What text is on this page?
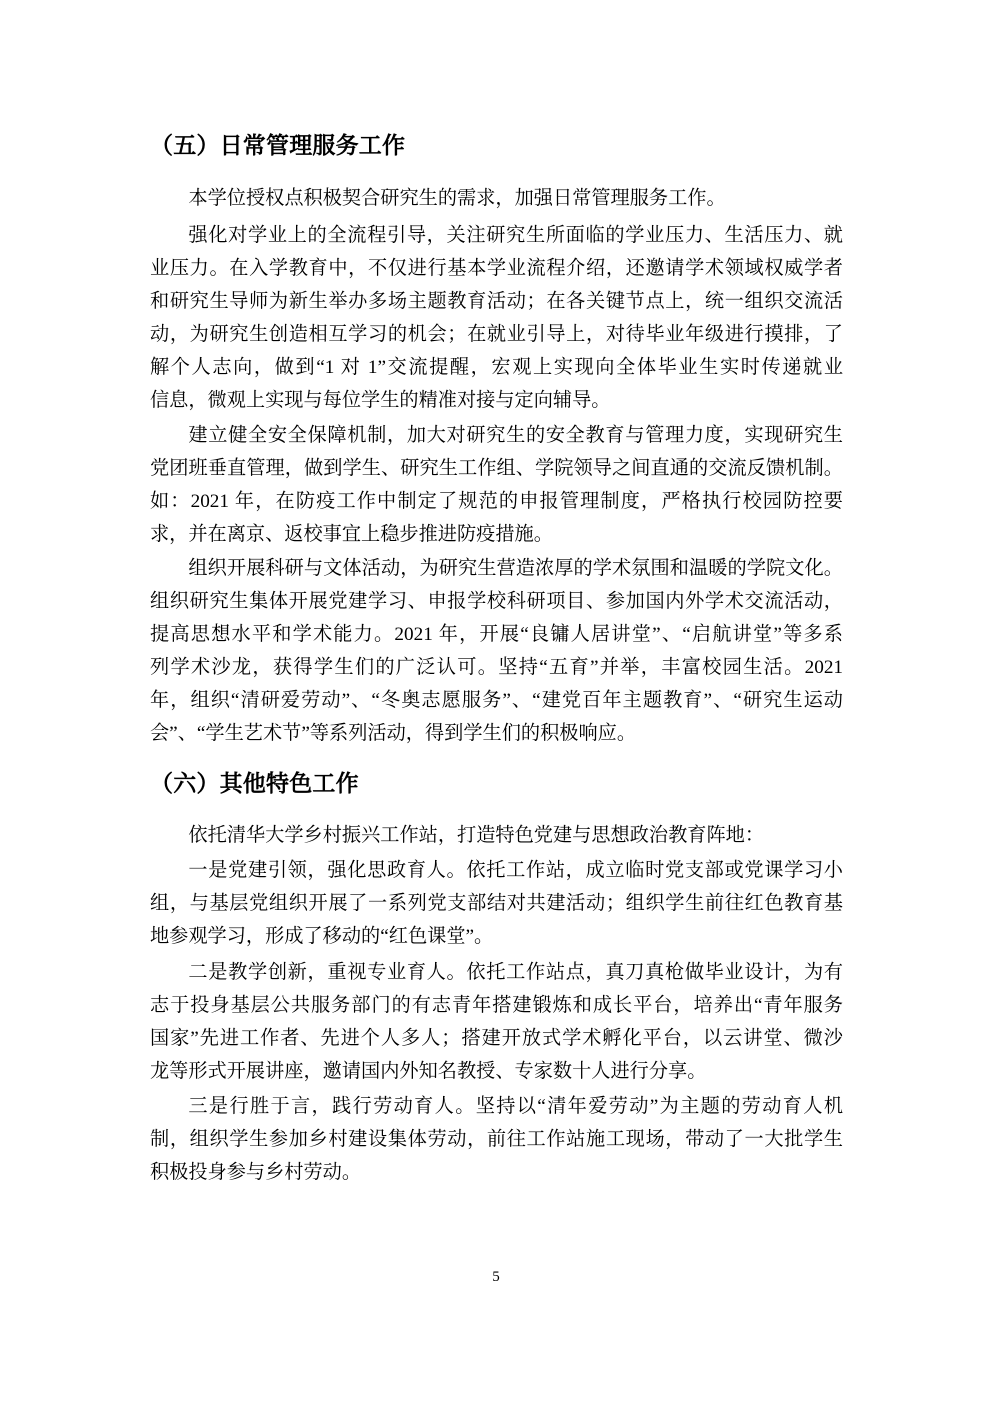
（五）日常管理服务工作
本学位授权点积极契合研究生的需求，加强日常管理服务工作。
强化对学业上的全流程引导，关注研究生所面临的学业压力、生活压力、就
业压力。在入学教育中，不仅进行基本学业流程介绍，还邀请学术领域权威学者
和研究生导师为新生举办多场主题教育活动；在各关键节点上，统一组织交流活
动，为研究生创造相互学习的机会；在就业引导上，对待毕业年级进行摸排，了
解个人志向，做到“1 对 1”交流提醒，宏观上实现向全体毕业生实时传递就业
信息，微观上实现与每位学生的精准对接与定向辅导。
建立健全安全保障机制，加大对研究生的安全教育与管理力度，实现研究生
党团班垂直管理，做到学生、研究生工作组、学院领导之间直通的交流反馈机制。
如：2021 年，在防疫工作中制定了规范的申报管理制度，严格执行校园防控要
求，并在离京、返校事宜上稳步推进防疫措施。
组织开展科研与文体活动，为研究生营造浓厚的学术氛围和温暖的学院文化。
组织研究生集体开展党建学习、申报学校科研项目、参加国内外学术交流活动，
提高思想水平和学术能力。2021 年，开展“良镛人居讲堂”、“启航讲堂”等多系
列学术沙龙，获得学生们的广泛认可。坚持“五育”并举，丰富校园生活。2021
年，组织“清研爱劳动”、“冬奥志愿服务”、“建党百年主题教育”、“研究生运动
会”、“学生艺术节”等系列活动，得到学生们的积极响应。
（六）其他特色工作
依托清华大学乡村振兴工作站，打造特色党建与思想政治教育阵地：
一是党建引领，强化思政育人。依托工作站，成立临时党支部或党课学习小
组，与基层党组织开展了一系列党支部结对共建活动；组织学生前往红色教育基
地参观学习，形成了移动的“红色课堂”。
二是教学创新，重视专业育人。依托工作站点，真刀真枪做毕业设计，为有
志于投身基层公共服务部门的有志青年搭建锻炼和成长平台，培养出“青年服务
国家”先进工作者、先进个人多人；搭建开放式学术孵化平台，以云讲堂、微沙
龙等形式开展讲座，邀请国内外知名教授、专家数十人进行分享。
三是行胜于言，践行劳动育人。坚持以“清年爱劳动”为主题的劳动育人机
制，组织学生参加乡村建设集体劳动，前往工作站施工现场，带动了一大批学生
积极投身参与乡村劳动。
5
